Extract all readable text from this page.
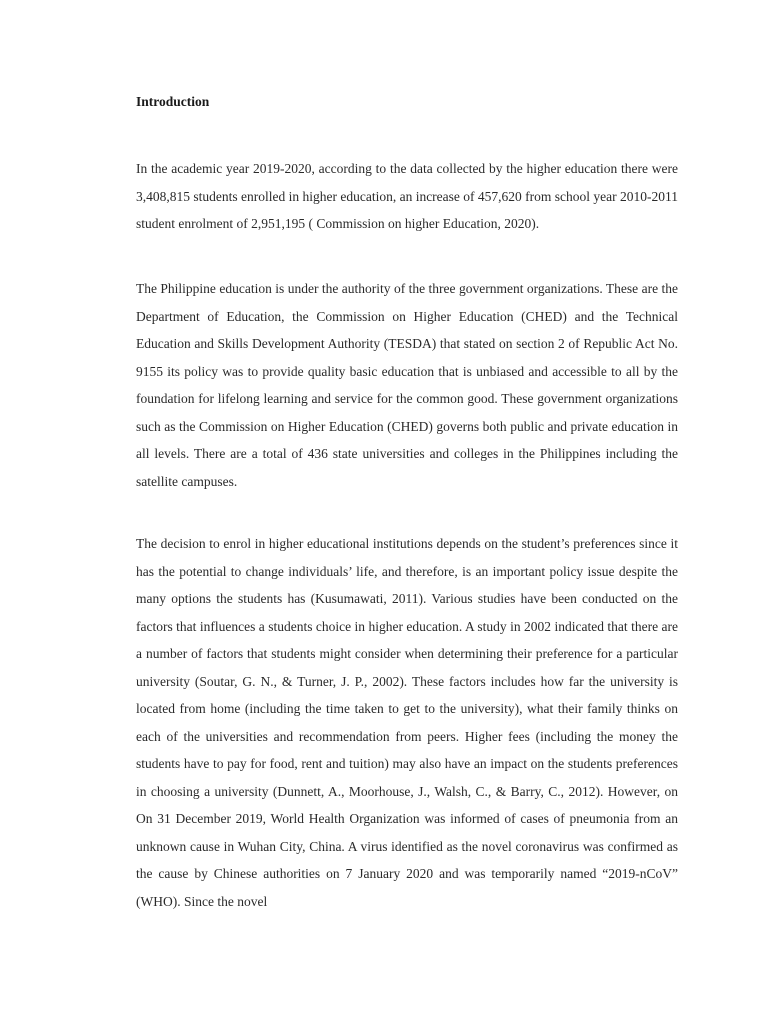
Introduction

In the academic year 2019-2020, according to the data collected by the higher education there were 3,408,815 students enrolled in higher education, an increase of 457,620 from school year 2010-2011 student enrolment of 2,951,195 ( Commission on higher Education, 2020).

The Philippine education is under the authority of the three government organizations. These are the Department of Education, the Commission on Higher Education (CHED) and the Technical Education and Skills Development Authority (TESDA) that stated on section 2 of Republic Act No. 9155 its policy was to provide quality basic education that is unbiased and accessible to all by the foundation for lifelong learning and service for the common good. These government organizations such as the Commission on Higher Education (CHED) governs both public and private education in all levels. There are a total of 436 state universities and colleges in the Philippines including the satellite campuses.

The decision to enrol in higher educational institutions depends on the student’s preferences since it has the potential to change individuals’ life, and therefore, is an important policy issue despite the many options the students has (Kusumawati, 2011). Various studies have been conducted on the factors that influences a students choice in higher education. A study in 2002 indicated that there are a number of factors that students might consider when determining their preference for a particular university (Soutar, G. N., & Turner, J. P., 2002). These factors includes how far the university is located from home (including the time taken to get to the university), what their family thinks on each of the universities and recommendation from peers. Higher fees (including the money the students have to pay for food, rent and tuition) may also have an impact on the students preferences in choosing a university (Dunnett, A., Moorhouse, J., Walsh, C., & Barry, C., 2012). However, on On 31 December 2019, World Health Organization was informed of cases of pneumonia from an unknown cause in Wuhan City, China. A virus identified as the novel coronavirus was confirmed as the cause by Chinese authorities on 7 January 2020 and was temporarily named “2019-nCoV” (WHO). Since the novel
